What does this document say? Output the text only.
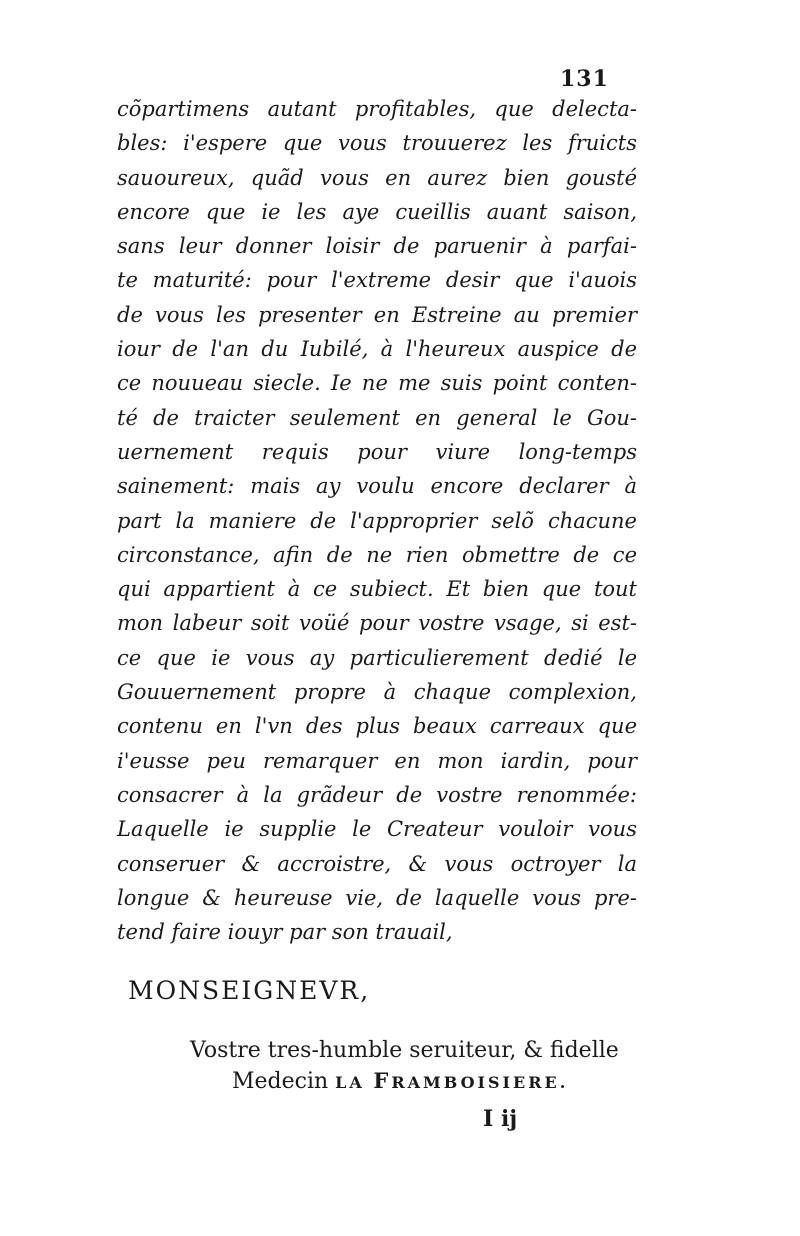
131
cõpartimens autant profitables, que delecta-
bles: i'espere que vous trouuerez les fruicts
sauoureux, quãd vous en aurez bien gousté
encore que ie les aye cueillis auant saison,
sans leur donner loisir de paruenir à parfai-
te maturité: pour l'extreme desir que i'auois
de vous les presenter en Estreine au premier
iour de l'an du Iubilé, à l'heureux auspice de
ce nouueau siecle. Ie ne me suis point conten-
té de traicter seulement en general le Gou-
uernement requis pour viure long-temps
sainement: mais ay voulu encore declarer à
part la maniere de l'approprier selõ chacune
circonstance, afin de ne rien obmettre de ce
qui appartient à ce subiect. Et bien que tout
mon labeur soit voüé pour vostre vsage, si est-
ce que ie vous ay particulierement dedié le
Gouuernement propre à chaque complexion,
contenu en l'vn des plus beaux carreaux que
i'eusse peu remarquer en mon iardin, pour
consacrer à la grãdeur de vostre renommée:
Laquelle ie supplie le Createur vouloir vous
conseruer & accroistre, & vous octroyer la
longue & heureuse vie, de laquelle vous pre-
tend faire iouyr par son trauail,
MONSEIGNEVR,
Vostre tres-humble seruiteur, & fidelle
Medecin LA FRAMBOISIERE.
I ij
